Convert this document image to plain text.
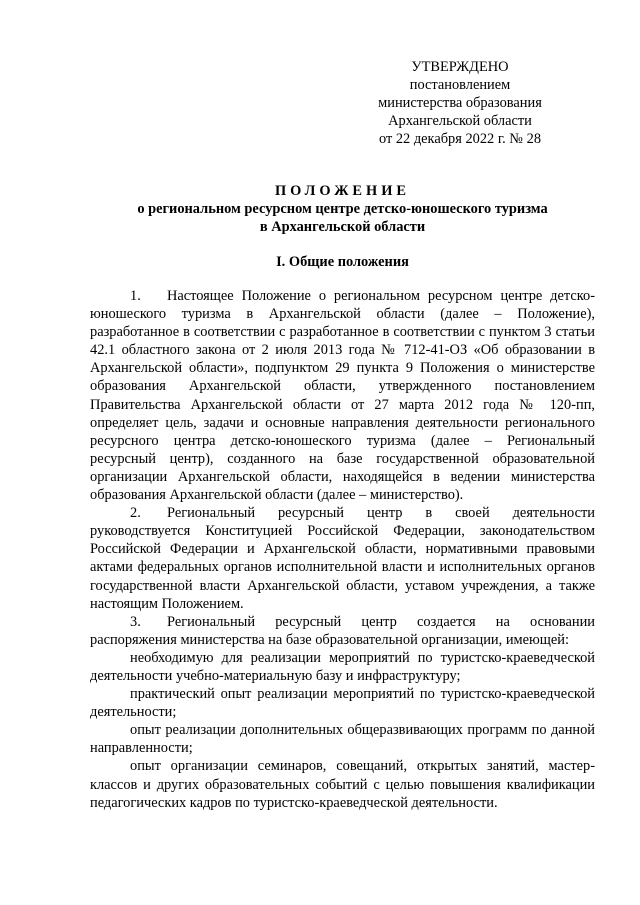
УТВЕРЖДЕНО
постановлением
министерства образования
Архангельской области
от 22 декабря 2022 г. № 28
ПОЛОЖЕНИЕ
о региональном ресурсном центре детско-юношеского туризма
в Архангельской области
I. Общие положения

1. Настоящее Положение о региональном ресурсном центре детско-юношеского туризма в Архангельской области (далее – Положение), разработанное в соответствии с разработанное в соответствии с пунктом 3 статьи 42.1 областного закона от 2 июля 2013 года № 712-41-ОЗ «Об образовании в Архангельской области», подпунктом 29 пункта 9 Положения о министерстве образования Архангельской области, утвержденного постановлением Правительства Архангельской области от 27 марта 2012 года № 120-пп, определяет цель, задачи и основные направления деятельности регионального ресурсного центра детско-юношеского туризма (далее – Региональный ресурсный центр), созданного на базе государственной образовательной организации Архангельской области, находящейся в ведении министерства образования Архангельской области (далее – министерство).

2. Региональный ресурсный центр в своей деятельности руководствуется Конституцией Российской Федерации, законодательством Российской Федерации и Архангельской области, нормативными правовыми актами федеральных органов исполнительной власти и исполнительных органов государственной власти Архангельской области, уставом учреждения, а также настоящим Положением.

3. Региональный ресурсный центр создается на основании распоряжения министерства на базе образовательной организации, имеющей:

необходимую для реализации мероприятий по туристско-краеведческой деятельности учебно-материальную базу и инфраструктуру;

практический опыт реализации мероприятий по туристско-краеведческой деятельности;

опыт реализации дополнительных общеразвивающих программ по данной направленности;

опыт организации семинаров, совещаний, открытых занятий, мастер-классов и других образовательных событий с целью повышения квалификации педагогических кадров по туристско-краеведческой деятельности.
